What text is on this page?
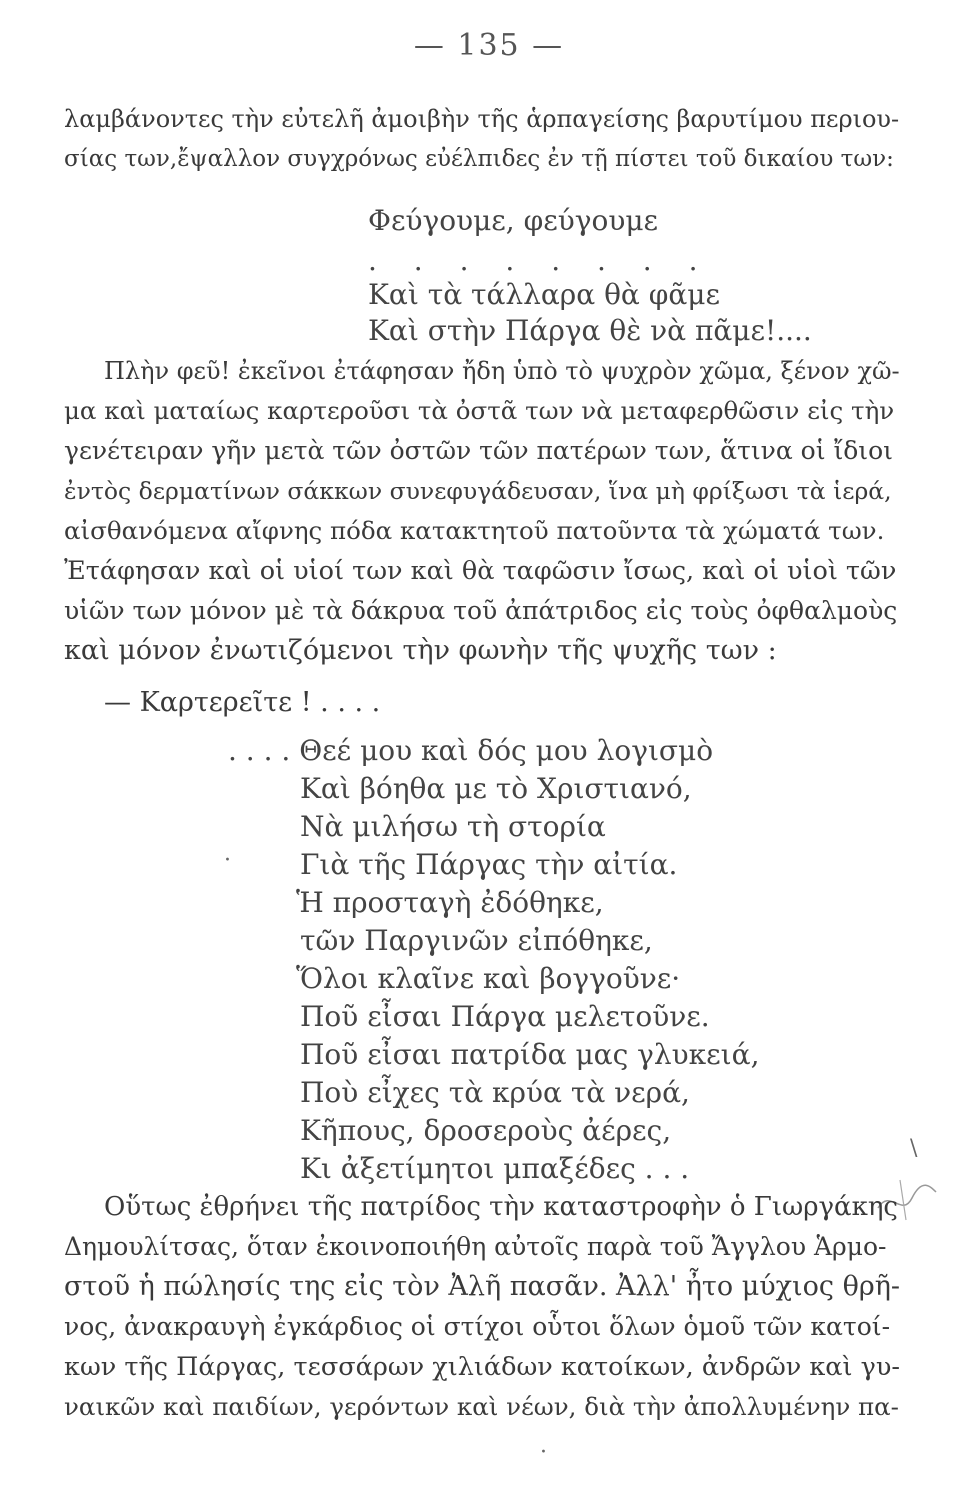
— 135 —
λαμβάνοντες τὴν εὐτελῆ ἀμοιβὴν τῆς ἁρπαγείσης βαρυτίμου περιου-
σίας των,ἔψαλλον συγχρόνως εὐέλπιδες ἐν τῇ πίστει τοῦ δικαίου των:
Φεύγουμε, φεύγουμε
. . . . . . . .
Καὶ τὰ τάλλαρα θὰ φᾶμε
Καὶ στὴν Πάργα θὲ νὰ πᾶμε!....
Πλὴν φεῦ! ἐκεῖνοι ἐτάφησαν ἤδη ὑπὸ τὸ ψυχρὸν χῶμα, ξένον χῶ-
μα καὶ ματαίως καρτεροῦσι τὰ ὀστᾶ των νὰ μεταφερθῶσιν εἰς τὴν
γενέτειραν γῆν μετὰ τῶν ὀστῶν τῶν πατέρων των, ἅτινα οἱ ἴδιοι
ἐντὸς δερματίνων σάκκων συνεφυγάδευσαν, ἵνα μὴ φρίξωσι τὰ ἱερά,
αἰσθανόμενα αἴφνης πόδα κατακτητοῦ πατοῦντα τὰ χώματά των.
Ἐτάφησαν καὶ οἱ υἱοί των καὶ θὰ ταφῶσιν ἴσως, καὶ οἱ υἱοὶ τῶν
υἱῶν των μόνον μὲ τὰ δάκρυα τοῦ ἀπάτριδος εἰς τοὺς ὀφθαλμοὺς
καὶ μόνον ἐνωτιζόμενοι τὴν φωνὴν τῆς ψυχῆς των :
— Καρτερεῖτε ! . . . .
. . . . Θεέ μου καὶ δός μου λογισμὸ
Καὶ βόηθα με τὸ Χριστιανό,
Νὰ μιλήσω τὴ στορία
Γιὰ τῆς Πάργας τὴν αἰτία.
Ἡ προσταγὴ ἐδόθηκε,
τῶν Παργινῶν εἰπόθηκε,
Ὅλοι κλαῖνε καὶ βογγοῦνε·
Ποῦ εἶσαι Πάργα μελετοῦνε.
Ποῦ εἶσαι πατρίδα μας γλυκειά,
Ποὺ εἶχες τὰ κρύα τὰ νερά,
Κῆπους, δροσεροὺς ἀέρες,
Κι ἀξετίμητοι μπαξέδες . . .
·
\
Οὕτως ἐθρήνει τῆς πατρίδος τὴν καταστροφὴν ὁ Γιωργάκης
Δημουλίτσας, ὅταν ἐκοινοποιήθη αὐτοῖς παρὰ τοῦ Ἄγγλου Ἁρμο-
στοῦ ἡ πώλησίς της εἰς τὸν Ἀλῆ πασᾶν. Ἀλλ' ἦτο μύχιος θρῆ-
νος, ἀνακραυγὴ ἐγκάρδιος οἱ στίχοι οὗτοι ὅλων ὁμοῦ τῶν κατοί-
κων τῆς Πάργας, τεσσάρων χιλιάδων κατοίκων, ἀνδρῶν καὶ γυ-
ναικῶν καὶ παιδίων, γερόντων καὶ νέων, διὰ τὴν ἀπολλυμένην πα-
·
